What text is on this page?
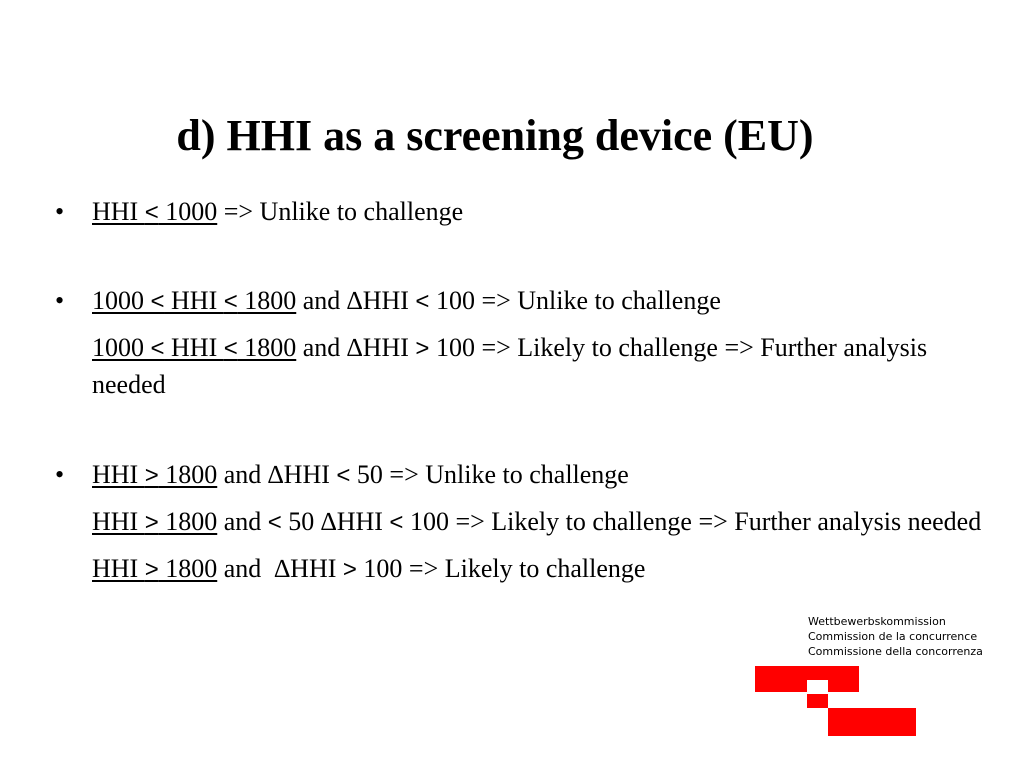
d) HHI as a screening device (EU)
•	HHI < 1000 => Unlike to challenge
•	1000 < HHI < 1800 and ∆HHI < 100 => Unlike to challenge
1000 < HHI < 1800 and ∆HHI > 100 => Likely to challenge => Further analysis needed
•	HHI > 1800 and ∆HHI < 50 => Unlike to challenge
HHI > 1800 and < 50 ∆HHI < 100 => Likely to challenge => Further analysis needed
HHI > 1800 and  ∆HHI > 100 => Likely to challenge
Wettbewerbskommission
Commission de la concurrence
Commissione della concorrenza
